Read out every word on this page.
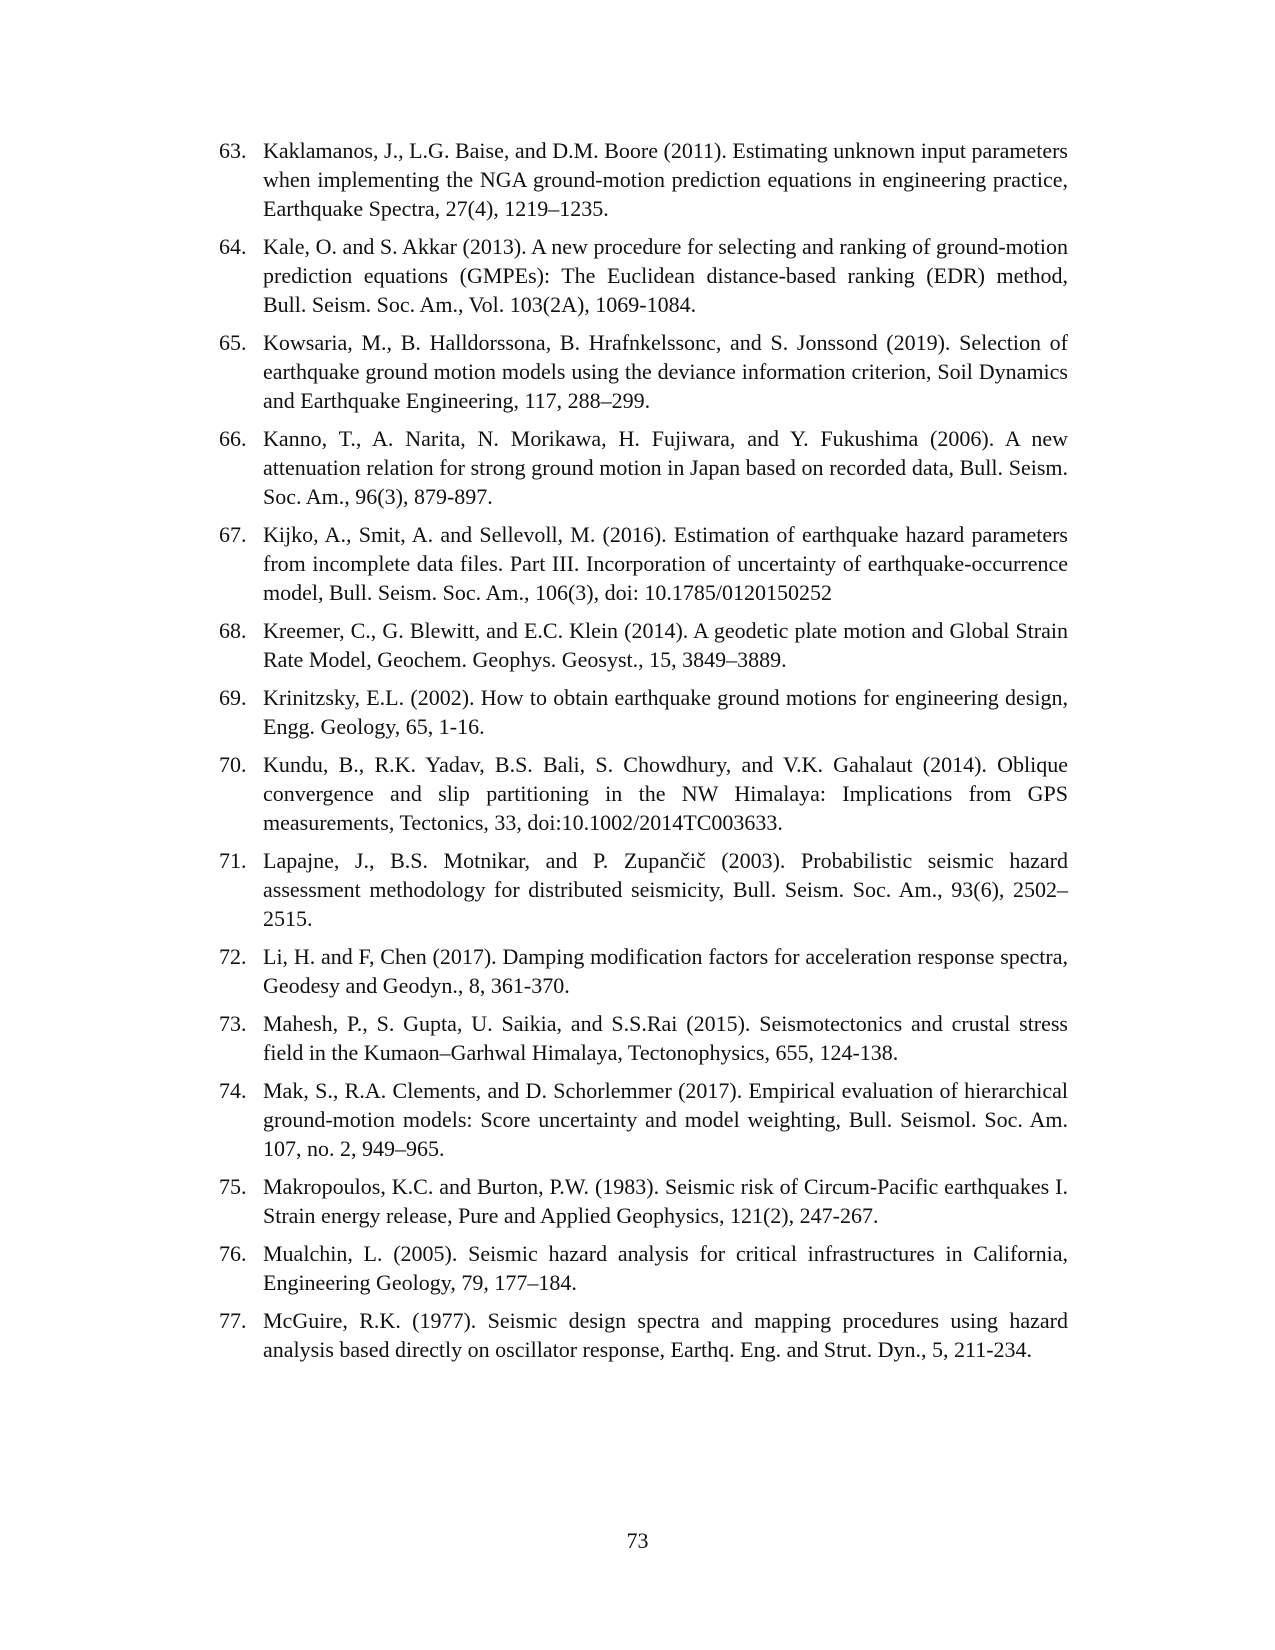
63. Kaklamanos, J., L.G. Baise, and D.M. Boore (2011). Estimating unknown input parameters when implementing the NGA ground-motion prediction equations in engineering practice, Earthquake Spectra, 27(4), 1219–1235.
64. Kale, O. and S. Akkar (2013). A new procedure for selecting and ranking of ground-motion prediction equations (GMPEs): The Euclidean distance-based ranking (EDR) method, Bull. Seism. Soc. Am., Vol. 103(2A), 1069-1084.
65. Kowsaria, M., B. Halldorssona, B. Hrafnkelssonc, and S. Jonssond (2019). Selection of earthquake ground motion models using the deviance information criterion, Soil Dynamics and Earthquake Engineering, 117, 288–299.
66. Kanno, T., A. Narita, N. Morikawa, H. Fujiwara, and Y. Fukushima (2006). A new attenuation relation for strong ground motion in Japan based on recorded data, Bull. Seism. Soc. Am., 96(3), 879-897.
67. Kijko, A., Smit, A. and Sellevoll, M. (2016). Estimation of earthquake hazard parameters from incomplete data files. Part III. Incorporation of uncertainty of earthquake-occurrence model, Bull. Seism. Soc. Am., 106(3), doi: 10.1785/0120150252
68. Kreemer, C., G. Blewitt, and E.C. Klein (2014). A geodetic plate motion and Global Strain Rate Model, Geochem. Geophys. Geosyst., 15, 3849–3889.
69. Krinitzsky, E.L. (2002). How to obtain earthquake ground motions for engineering design, Engg. Geology, 65, 1-16.
70. Kundu, B., R.K. Yadav, B.S. Bali, S. Chowdhury, and V.K. Gahalaut (2014). Oblique convergence and slip partitioning in the NW Himalaya: Implications from GPS measurements, Tectonics, 33, doi:10.1002/2014TC003633.
71. Lapajne, J., B.S. Motnikar, and P. Zupančič (2003). Probabilistic seismic hazard assessment methodology for distributed seismicity, Bull. Seism. Soc. Am., 93(6), 2502–2515.
72. Li, H. and F, Chen (2017). Damping modification factors for acceleration response spectra, Geodesy and Geodyn., 8, 361-370.
73. Mahesh, P., S. Gupta, U. Saikia, and S.S.Rai (2015). Seismotectonics and crustal stress field in the Kumaon–Garhwal Himalaya, Tectonophysics, 655, 124-138.
74. Mak, S., R.A. Clements, and D. Schorlemmer (2017). Empirical evaluation of hierarchical ground-motion models: Score uncertainty and model weighting, Bull. Seismol. Soc. Am. 107, no. 2, 949–965.
75. Makropoulos, K.C. and Burton, P.W. (1983). Seismic risk of Circum-Pacific earthquakes I. Strain energy release, Pure and Applied Geophysics, 121(2), 247-267.
76. Mualchin, L. (2005). Seismic hazard analysis for critical infrastructures in California, Engineering Geology, 79, 177–184.
77. McGuire, R.K. (1977). Seismic design spectra and mapping procedures using hazard analysis based directly on oscillator response, Earthq. Eng. and Strut. Dyn., 5, 211-234.
73
